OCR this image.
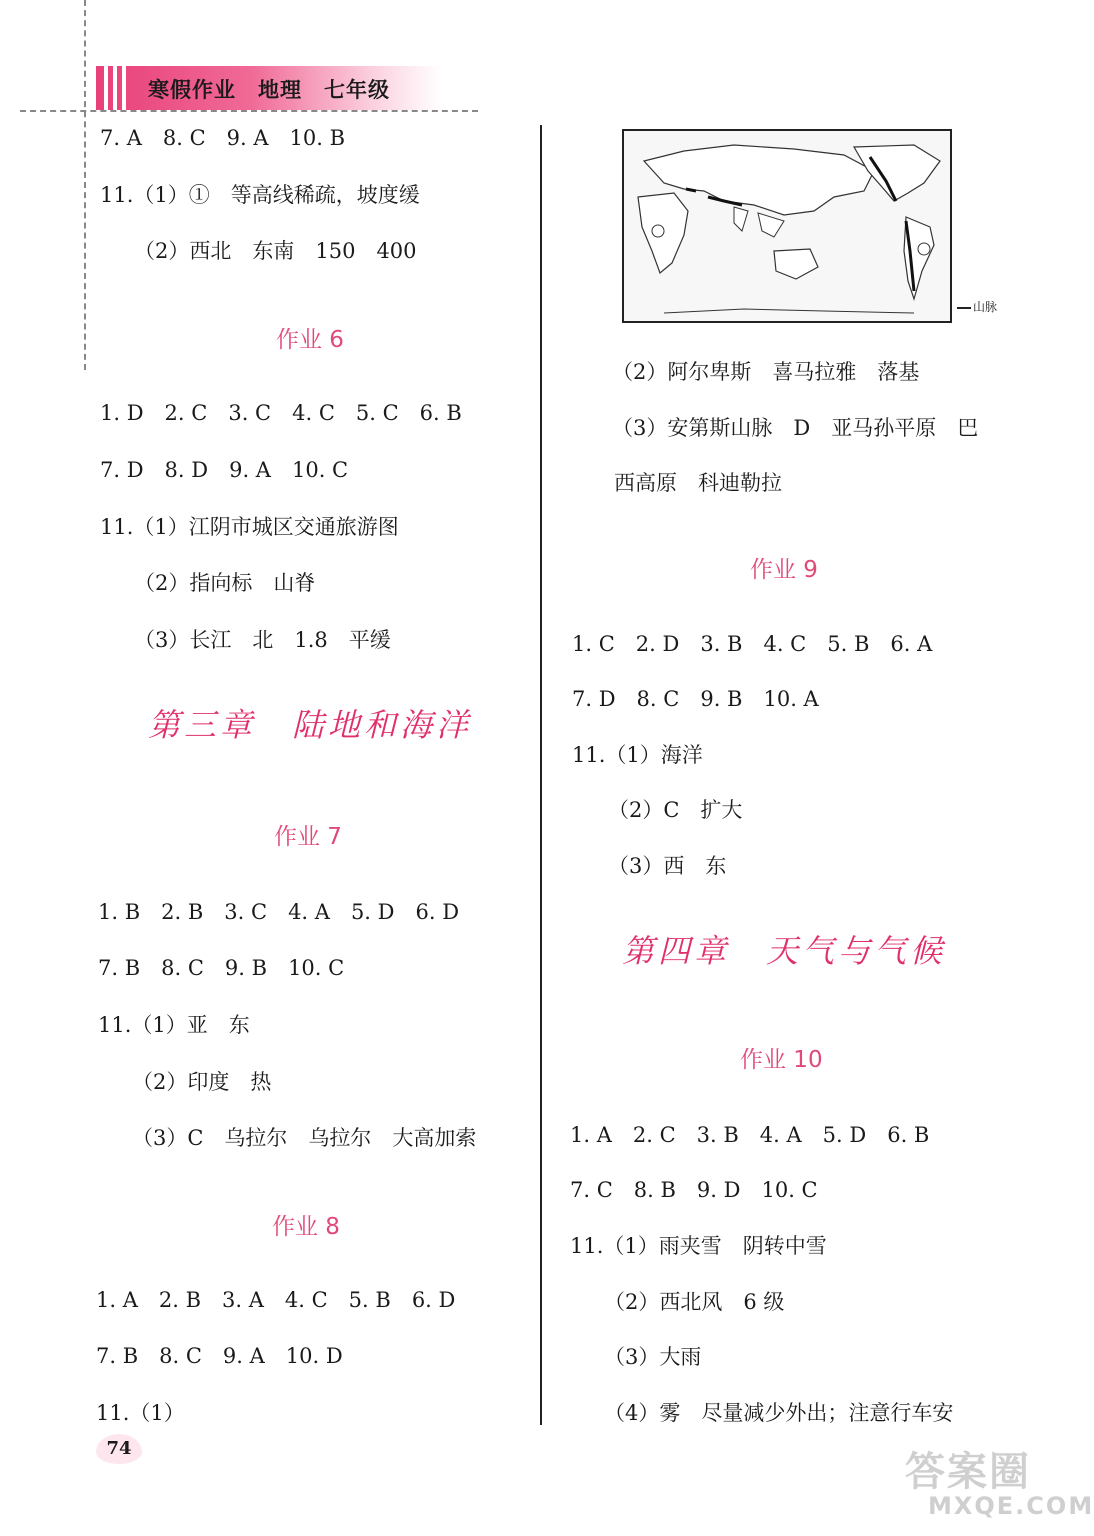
寒假作业　地理　七年级
7. A　8. C　9. A　10. B
11.（1）①　等高线稀疏，坡度缓
（2）西北　东南　150　400
作业 6
1. D　2. C　3. C　4. C　5. C　6. B
7. D　8. D　9. A　10. C
11.（1）江阴市城区交通旅游图
（2）指向标　山脊
（3）长江　北　1.8　平缓
第三章　陆地和海洋
作业 7
1. B　2. B　3. C　4. A　5. D　6. D
7. B　8. C　9. B　10. C
11.（1）亚　东
（2）印度　热
（3）C　乌拉尔　乌拉尔　大高加索
作业 8
1. A　2. B　3. A　4. C　5. B　6. D
7. B　8. C　9. A　10. D
11.（1）
山脉
（2）阿尔卑斯　喜马拉雅　落基
（3）安第斯山脉　D　亚马孙平原　巴
西高原　科迪勒拉
作业 9
1. C　2. D　3. B　4. C　5. B　6. A
7. D　8. C　9. B　10. A
11.（1）海洋
（2）C　扩大
（3）西　东
第四章　天气与气候
作业 10
1. A　2. C　3. B　4. A　5. D　6. B
7. C　8. B　9. D　10. C
11.（1）雨夹雪　阴转中雪
（2）西北风　6 级
（3）大雨
（4）雾　尽量减少外出；注意行车安
74	答案圈
MXQE.COM
